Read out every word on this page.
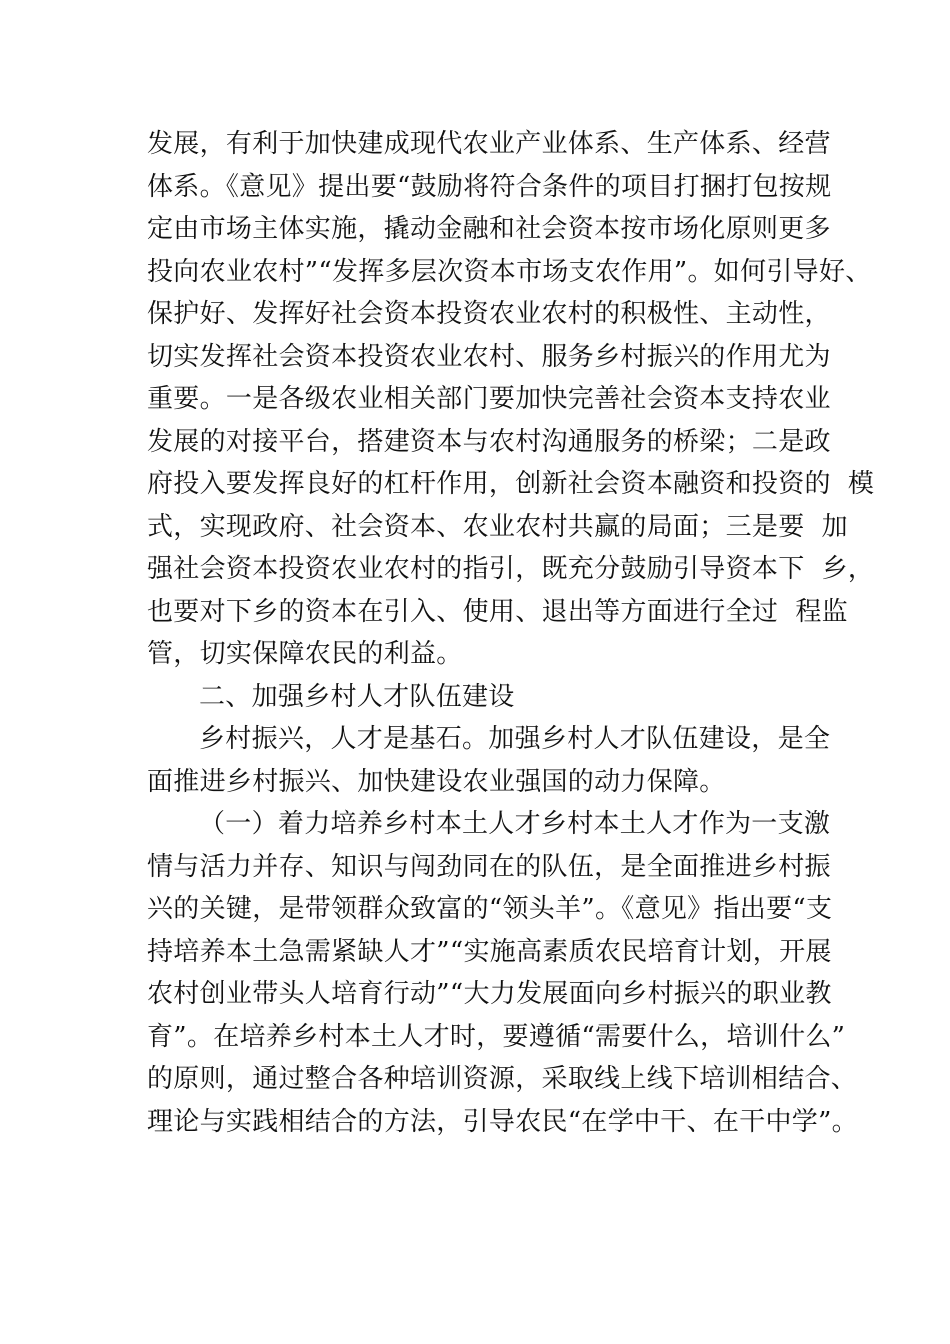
发展，有利于加快建成现代农业产业体系、生产体系、经营
体系。《意见》提出要“鼓励将符合条件的项目打捆打包按规
定由市场主体实施，撬动金融和社会资本按市场化原则更多
投向农业农村”“发挥多层次资本市场支农作用”。如何引导好、
保护好、发挥好社会资本投资农业农村的积极性、主动性，
切实发挥社会资本投资农业农村、服务乡村振兴的作用尤为
重要。一是各级农业相关部门要加快完善社会资本支持农业
发展的对接平台，搭建资本与农村沟通服务的桥梁；二是政
府投入要发挥良好的杠杆作用，创新社会资本融资和投资的  模
式，实现政府、社会资本、农业农村共赢的局面；三是要  加
强社会资本投资农业农村的指引，既充分鼓励引导资本下  乡，
也要对下乡的资本在引入、使用、退出等方面进行全过  程监
管，切实保障农民的利益。
二、加强乡村人才队伍建设
乡村振兴，人才是基石。加强乡村人才队伍建设，是全
面推进乡村振兴、加快建设农业强国的动力保障。
（一）着力培养乡村本土人才乡村本土人才作为一支激
情与活力并存、知识与闯劲同在的队伍，是全面推进乡村振
兴的关键，是带领群众致富的“领头羊”。《意见》指出要“支
持培养本土急需紧缺人才”“实施高素质农民培育计划，开展
农村创业带头人培育行动”“大力发展面向乡村振兴的职业教
育”。在培养乡村本土人才时，要遵循“需要什么，培训什么”
的原则，通过整合各种培训资源，采取线上线下培训相结合、
理论与实践相结合的方法，引导农民“在学中干、在干中学”。
